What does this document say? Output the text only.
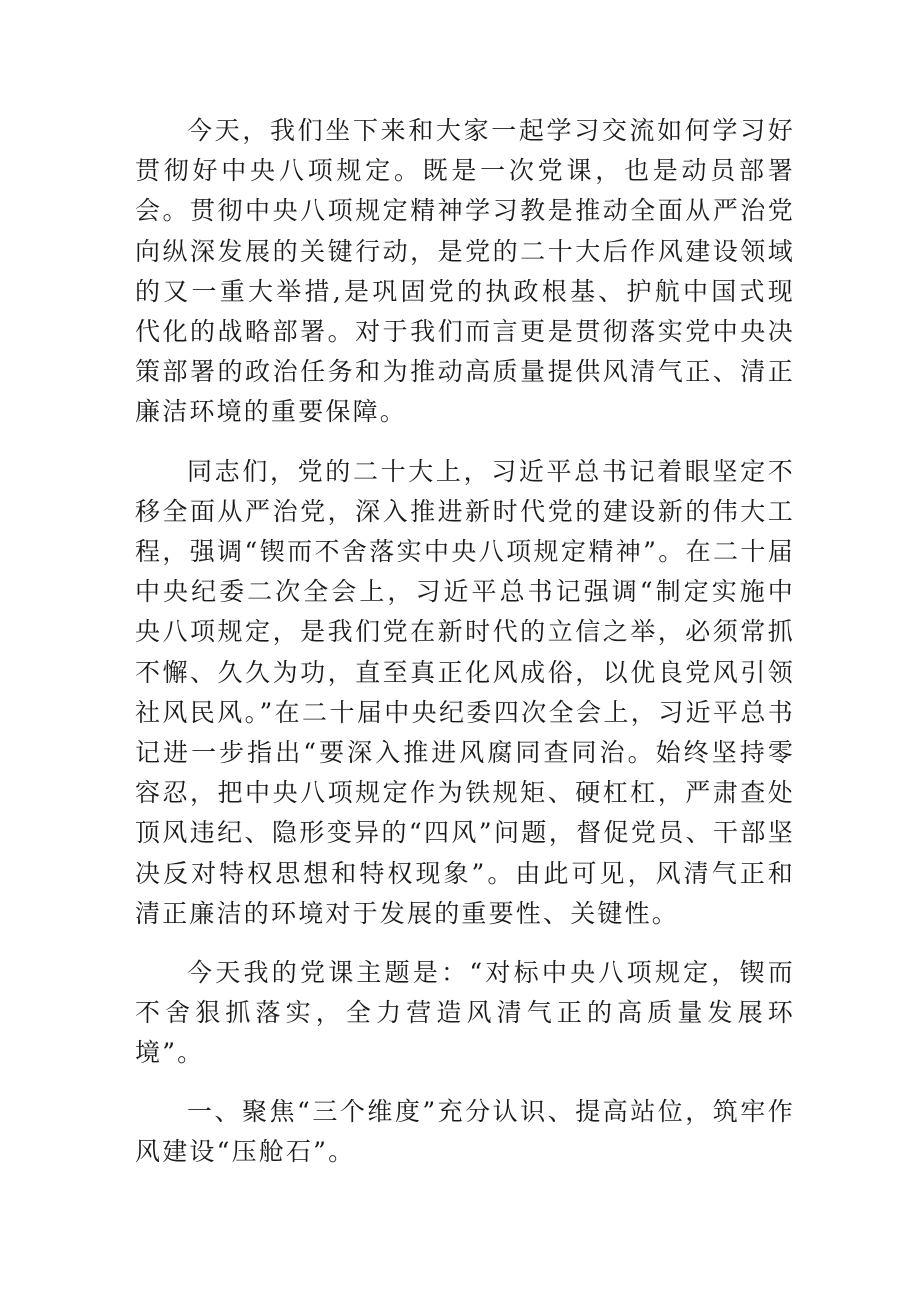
今天，我们坐下来和大家一起学习交流如何学习好贯彻好中央八项规定。既是一次党课，也是动员部署会。贯彻中央八项规定精神学习教是推动全面从严治党向纵深发展的关键行动，是党的二十大后作风建设领域的又一重大举措,是巩固党的执政根基、护航中国式现代化的战略部署。对于我们而言更是贯彻落实党中央决策部署的政治任务和为推动高质量提供风清气正、清正廉洁环境的重要保障。

同志们，党的二十大上，习近平总书记着眼坚定不移全面从严治党，深入推进新时代党的建设新的伟大工程，强调“锲而不舍落实中央八项规定精神”。在二十届中央纪委二次全会上，习近平总书记强调“制定实施中央八项规定，是我们党在新时代的立信之举，必须常抓不懈、久久为功，直至真正化风成俗，以优良党风引领社风民风。”在二十届中央纪委四次全会上，习近平总书记进一步指出“要深入推进风腐同查同治。始终坚持零容忍，把中央八项规定作为铁规矩、硬杠杠，严肃查处顶风违纪、隐形变异的“四风”问题，督促党员、干部坚决反对特权思想和特权现象”。由此可见，风清气正和清正廉洁的环境对于发展的重要性、关键性。

今天我的党课主题是：“对标中央八项规定，锲而不舍狠抓落实，全力营造风清气正的高质量发展环境”。

一、聚焦“三个维度”充分认识、提高站位，筑牢作风建设“压舱石”。
